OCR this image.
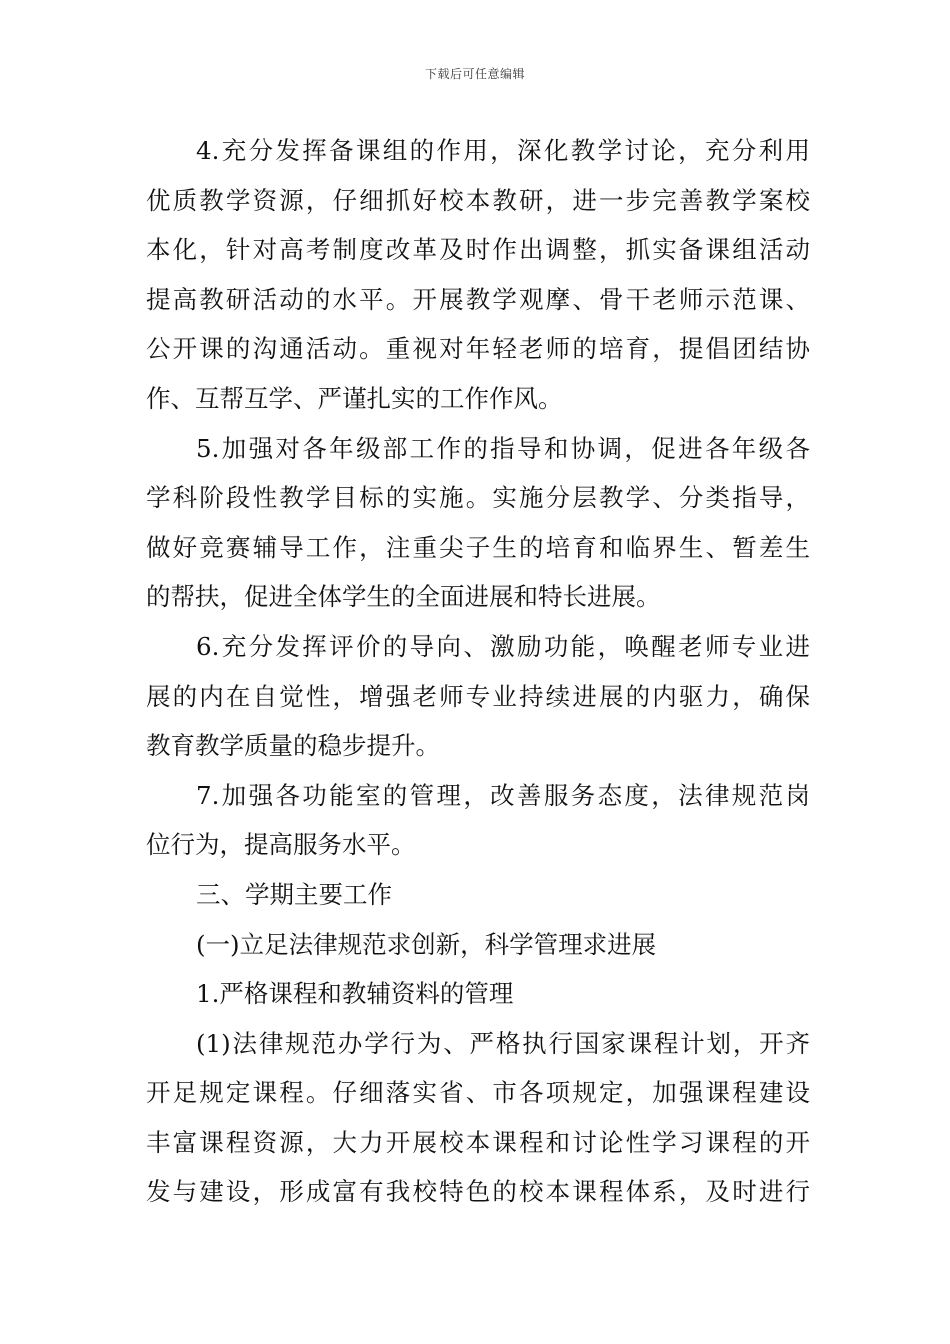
下载后可任意编辑
4.充分发挥备课组的作用，深化教学讨论，充分利用
优质教学资源，仔细抓好校本教研，进一步完善教学案校
本化，针对高考制度改革及时作出调整，抓实备课组活动
提高教研活动的水平。开展教学观摩、骨干老师示范课、
公开课的沟通活动。重视对年轻老师的培育，提倡团结协
作、互帮互学、严谨扎实的工作作风。
5.加强对各年级部工作的指导和协调，促进各年级各
学科阶段性教学目标的实施。实施分层教学、分类指导，
做好竞赛辅导工作，注重尖子生的培育和临界生、暂差生
的帮扶，促进全体学生的全面进展和特长进展。
6.充分发挥评价的导向、激励功能，唤醒老师专业进
展的内在自觉性，增强老师专业持续进展的内驱力，确保
教育教学质量的稳步提升。
7.加强各功能室的管理，改善服务态度，法律规范岗
位行为，提高服务水平。
三、学期主要工作
(一)立足法律规范求创新，科学管理求进展
1.严格课程和教辅资料的管理
(1)法律规范办学行为、严格执行国家课程计划，开齐
开足规定课程。仔细落实省、市各项规定，加强课程建设
丰富课程资源，大力开展校本课程和讨论性学习课程的开
发与建设，形成富有我校特色的校本课程体系，及时进行
